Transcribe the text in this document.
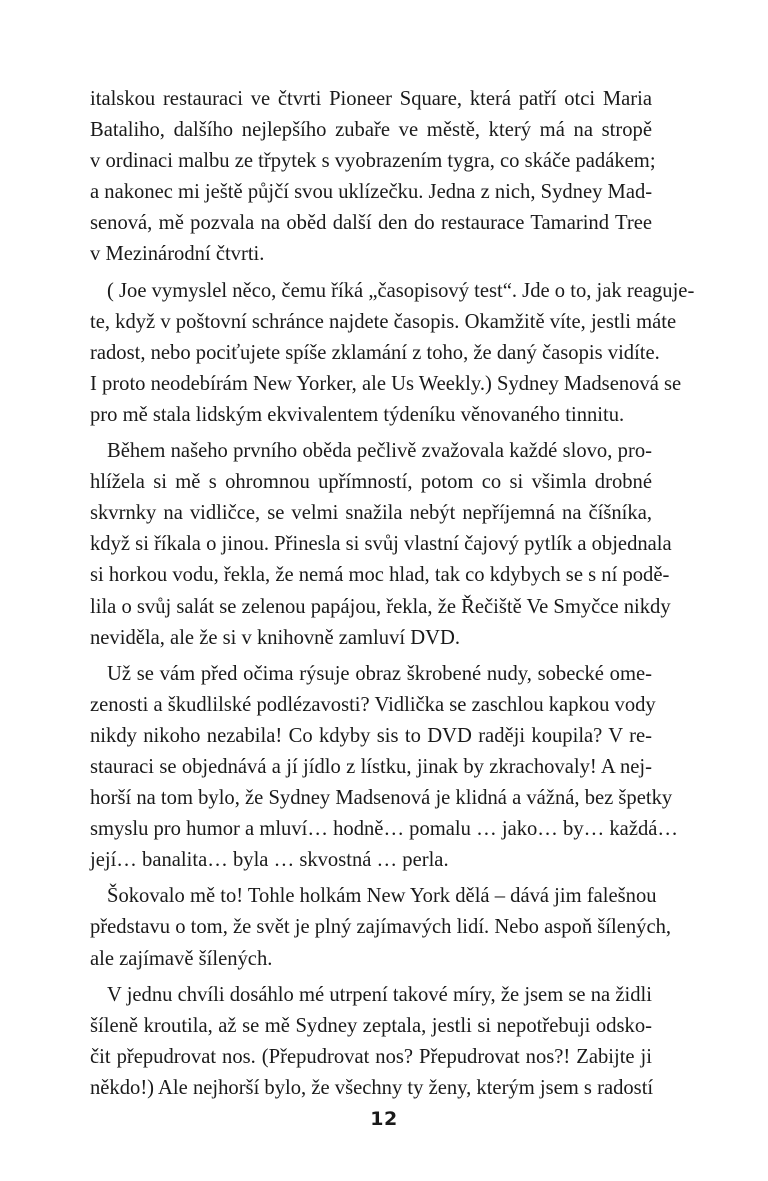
italskou restauraci ve čtvrti Pioneer Square, která patří otci Maria
Bataliho, dalšího nejlepšího zubaře ve městě, který má na stropě
v ordinaci malbu ze třpytek s vyobrazením tygra, co skáče padákem;
a nakonec mi ještě půjčí svou uklízečku. Jedna z nich, Sydney Mad-
senová, mě pozvala na oběd další den do restaurace Tamarind Tree
v Mezinárodní čtvrti.
( Joe vymyslel něco, čemu říká „časopisový test“. Jde o to, jak reaguje-
te, když v poštovní schránce najdete časopis. Okamžitě víte, jestli máte
radost, nebo pociťujete spíše zklamání z toho, že daný časopis vidíte.
I proto neodebírám New Yorker, ale Us Weekly.) Sydney Madsenová se
pro mě stala lidským ekvivalentem týdeníku věnovaného tinnitu.
Během našeho prvního oběda pečlivě zvažovala každé slovo, pro-
hlížela si mě s ohromnou upřímností, potom co si všimla drobné
skvrnky na vidličce, se velmi snažila nebýt nepříjemná na číšníka,
když si říkala o jinou. Přinesla si svůj vlastní čajový pytlík a objednala
si horkou vodu, řekla, že nemá moc hlad, tak co kdybych se s ní podě-
lila o svůj salát se zelenou papájou, řekla, že Řečiště Ve Smyčce nikdy
neviděla, ale že si v knihovně zamluví DVD.
Už se vám před očima rýsuje obraz škrobené nudy, sobecké ome-
zenosti a škudlilské podlézavosti? Vidlička se zaschlou kapkou vody
nikdy nikoho nezabila! Co kdyby sis to DVD raději koupila? V re-
stauraci se objednává a jí jídlo z lístku, jinak by zkrachovaly! A nej-
horší na tom bylo, že Sydney Madsenová je klidná a vážná, bez špetky
smyslu pro humor a mluví… hodně… pomalu … jako… by… každá…
její… banalita… byla … skvostná … perla.
Šokovalo mě to! Tohle holkám New York dělá – dává jim falešnou
představu o tom, že svět je plný zajímavých lidí. Nebo aspoň šílených,
ale zajímavě šílených.
V jednu chvíli dosáhlo mé utrpení takové míry, že jsem se na židli
šíleně kroutila, až se mě Sydney zeptala, jestli si nepotřebuji odsko-
čit přepudrovat nos. (Přepudrovat nos? Přepudrovat nos?! Zabijte ji
někdo!) Ale nejhorší bylo, že všechny ty ženy, kterým jsem s radostí
12
